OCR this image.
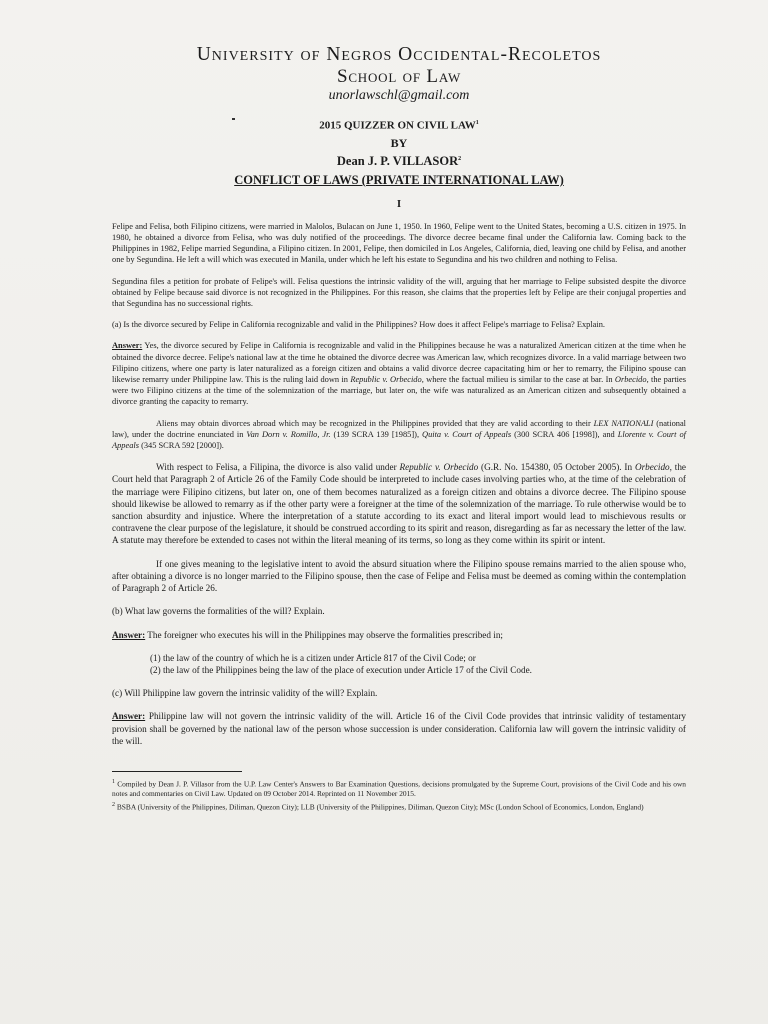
University of Negros Occidental-Recoletos
School of Law
unorlawschl@gmail.com
2015 QUIZZER ON CIVIL LAW$^1$
BY
Dean J. P. VILLASOR$^2$
CONFLICT OF LAWS (PRIVATE INTERNATIONAL LAW)
I

Felipe and Felisa, both Filipino citizens, were married in Malolos, Bulacan on June 1, 1950. In 1960, Felipe went to the United States, becoming a U.S. citizen in 1975. In 1980, he obtained a divorce from Felisa, who was duly notified of the proceedings. The divorce decree became final under the California law. Coming back to the Philippines in 1982, Felipe married Segundina, a Filipino citizen. In 2001, Felipe, then domiciled in Los Angeles, California, died, leaving one child by Felisa, and another one by Segundina. He left a will which was executed in Manila, under which he left his estate to Segundina and his two children and nothing to Felisa.

Segundina files a petition for probate of Felipe's will. Felisa questions the intrinsic validity of the will, arguing that her marriage to Felipe subsisted despite the divorce obtained by Felipe because said divorce is not recognized in the Philippines. For this reason, she claims that the properties left by Felipe are their conjugal properties and that Segundina has no successional rights.

(a) Is the divorce secured by Felipe in California recognizable and valid in the Philippines? How does it affect Felipe's marriage to Felisa? Explain.

Answer: Yes, the divorce secured by Felipe in California is recognizable and valid in the Philippines because he was a naturalized American citizen at the time when he obtained the divorce decree. Felipe's national law at the time he obtained the divorce decree was American law, which recognizes divorce. In a valid marriage between two Filipino citizens, where one party is later naturalized as a foreign citizen and obtains a valid divorce decree capacitating him or her to remarry, the Filipino spouse can likewise remarry under Philippine law. This is the ruling laid down in Republic v. Orbecido, where the factual milieu is similar to the case at bar. In Orbecido, the parties were two Filipino citizens at the time of the solemnization of the marriage, but later on, the wife was naturalized as an American citizen and subsequently obtained a divorce granting the capacity to remarry.

Aliens may obtain divorces abroad which may be recognized in the Philippines provided that they are valid according to their LEX NATIONALI (national law), under the doctrine enunciated in Van Dorn v. Romillo, Jr. (139 SCRA 139 [1985]), Quita v. Court of Appeals (300 SCRA 406 [1998]), and Llorente v. Court of Appeals (345 SCRA 592 [2000]).

With respect to Felisa, a Filipina, the divorce is also valid under Republic v. Orbecido (G.R. No. 154380, 05 October 2005). In Orbecido, the Court held that Paragraph 2 of Article 26 of the Family Code should be interpreted to include cases involving parties who, at the time of the celebration of the marriage were Filipino citizens, but later on, one of them becomes naturalized as a foreign citizen and obtains a divorce decree. The Filipino spouse should likewise be allowed to remarry as if the other party were a foreigner at the time of the solemnization of the marriage. To rule otherwise would be to sanction absurdity and injustice. Where the interpretation of a statute according to its exact and literal import would lead to mischievous results or contravene the clear purpose of the legislature, it should be construed according to its spirit and reason, disregarding as far as necessary the letter of the law. A statute may therefore be extended to cases not within the literal meaning of its terms, so long as they come within its spirit or intent.

If one gives meaning to the legislative intent to avoid the absurd situation where the Filipino spouse remains married to the alien spouse who, after obtaining a divorce is no longer married to the Filipino spouse, then the case of Felipe and Felisa must be deemed as coming within the contemplation of Paragraph 2 of Article 26.

(b) What law governs the formalities of the will? Explain.

Answer: The foreigner who executes his will in the Philippines may observe the formalities prescribed in;

(1) the law of the country of which he is a citizen under Article 817 of the Civil Code; or
(2) the law of the Philippines being the law of the place of execution under Article 17 of the Civil Code.

(c) Will Philippine law govern the intrinsic validity of the will? Explain.

Answer: Philippine law will not govern the intrinsic validity of the will. Article 16 of the Civil Code provides that intrinsic validity of testamentary provision shall be governed by the national law of the person whose succession is under consideration. California law will govern the intrinsic validity of the will.

$^1$ Compiled by Dean J. P. Villasor from the U.P. Law Center's Answers to Bar Examination Questions, decisions promulgated by the Supreme Court, provisions of the Civil Code and his own notes and commentaries on Civil Law. Updated on 09 October 2014. Reprinted on 11 November 2015.

$^2$ BSBA (University of the Philippines, Diliman, Quezon City); LLB (University of the Philippines, Diliman, Quezon City); MSc (London School of Economics, London, England)
